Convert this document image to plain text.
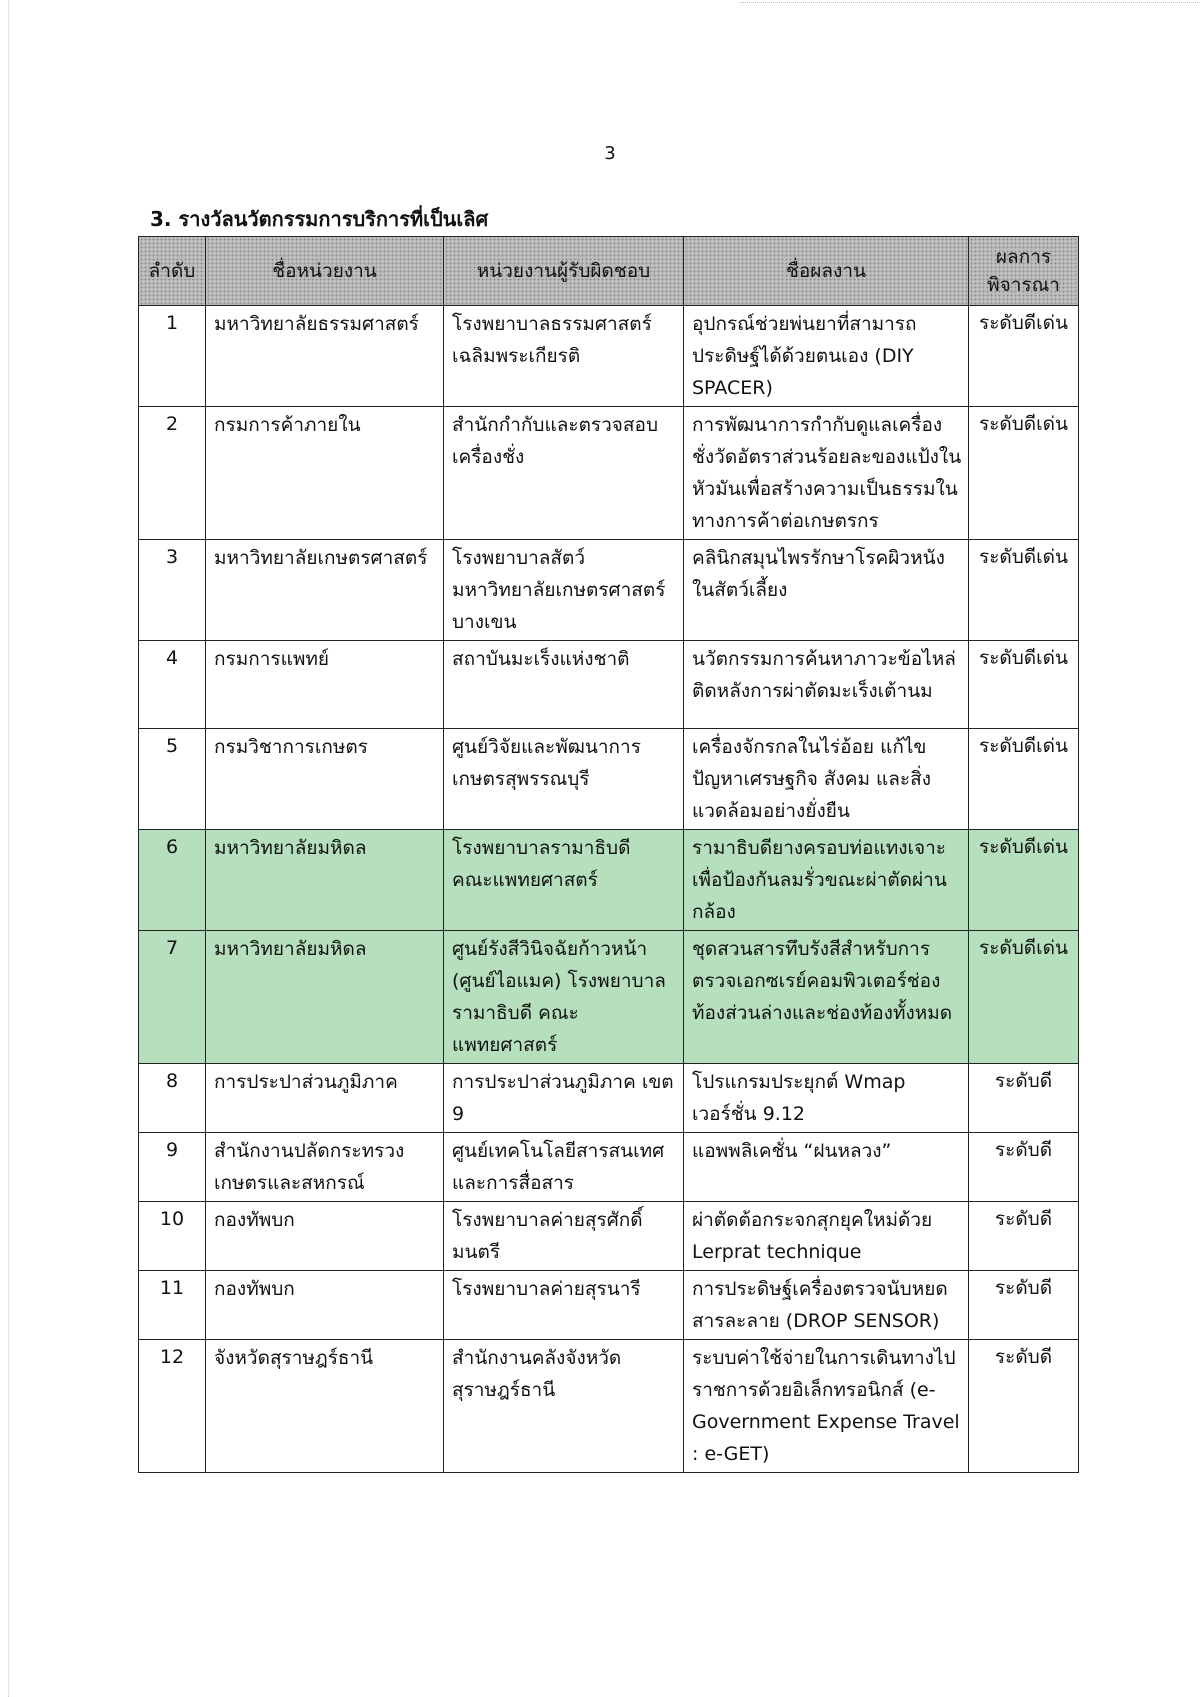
3
3. รางวัลนวัตกรรมการบริการที่เป็นเลิศ
ลำดับ	ชื่อหน่วยงาน	หน่วยงานผู้รับผิดชอบ	ชื่อผลงาน	ผลการพิจารณา
1	มหาวิทยาลัยธรรมศาสตร์	โรงพยาบาลธรรมศาสตร์ เฉลิมพระเกียรติ	อุปกรณ์ช่วยพ่นยาที่สามารถประดิษฐ์ได้ด้วยตนเอง (DIY SPACER)	ระดับดีเด่น
2	กรมการค้าภายใน	สำนักกำกับและตรวจสอบเครื่องชั่ง	การพัฒนาการกำกับดูแลเครื่องชั่งวัดอัตราส่วนร้อยละของแป้งในหัวมันเพื่อสร้างความเป็นธรรมในทางการค้าต่อเกษตรกร	ระดับดีเด่น
3	มหาวิทยาลัยเกษตรศาสตร์	โรงพยาบาลสัตว์ มหาวิทยาลัยเกษตรศาสตร์ บางเขน	คลินิกสมุนไพรรักษาโรคผิวหนังในสัตว์เลี้ยง	ระดับดีเด่น
4	กรมการแพทย์	สถาบันมะเร็งแห่งชาติ	นวัตกรรมการค้นหาภาวะข้อไหล่ติดหลังการผ่าตัดมะเร็งเต้านม	ระดับดีเด่น
5	กรมวิชาการเกษตร	ศูนย์วิจัยและพัฒนาการเกษตรสุพรรณบุรี	เครื่องจักรกลในไร่อ้อย แก้ไขปัญหาเศรษฐกิจ สังคม และสิ่งแวดล้อมอย่างยั่งยืน	ระดับดีเด่น
6	มหาวิทยาลัยมหิดล	โรงพยาบาลรามาธิบดี คณะแพทยศาสตร์	รามาธิบดียางครอบท่อแทงเจาะเพื่อป้องกันลมรั่วขณะผ่าตัดผ่านกล้อง	ระดับดีเด่น
7	มหาวิทยาลัยมหิดล	ศูนย์รังสีวินิจฉัยก้าวหน้า (ศูนย์ไอแมค) โรงพยาบาลรามาธิบดี คณะแพทยศาสตร์	ชุดสวนสารทึบรังสีสำหรับการตรวจเอกซเรย์คอมพิวเตอร์ช่องท้องส่วนล่างและช่องท้องทั้งหมด	ระดับดีเด่น
8	การประปาส่วนภูมิภาค	การประปาส่วนภูมิภาค เขต 9	โปรแกรมประยุกต์ Wmap เวอร์ชั่น 9.12	ระดับดี
9	สำนักงานปลัดกระทรวงเกษตรและสหกรณ์	ศูนย์เทคโนโลยีสารสนเทศและการสื่อสาร	แอพพลิเคชั่น “ฝนหลวง”	ระดับดี
10	กองทัพบก	โรงพยาบาลค่ายสุรศักดิ์มนตรี	ผ่าตัดต้อกระจกสุกยุคใหม่ด้วย Lerprat technique	ระดับดี
11	กองทัพบก	โรงพยาบาลค่ายสุรนารี	การประดิษฐ์เครื่องตรวจนับหยดสารละลาย (DROP SENSOR)	ระดับดี
12	จังหวัดสุราษฎร์ธานี	สำนักงานคลังจังหวัดสุราษฎร์ธานี	ระบบค่าใช้จ่ายในการเดินทางไปราชการด้วยอิเล็กทรอนิกส์ (e-Government Expense Travel : e-GET)	ระดับดี
